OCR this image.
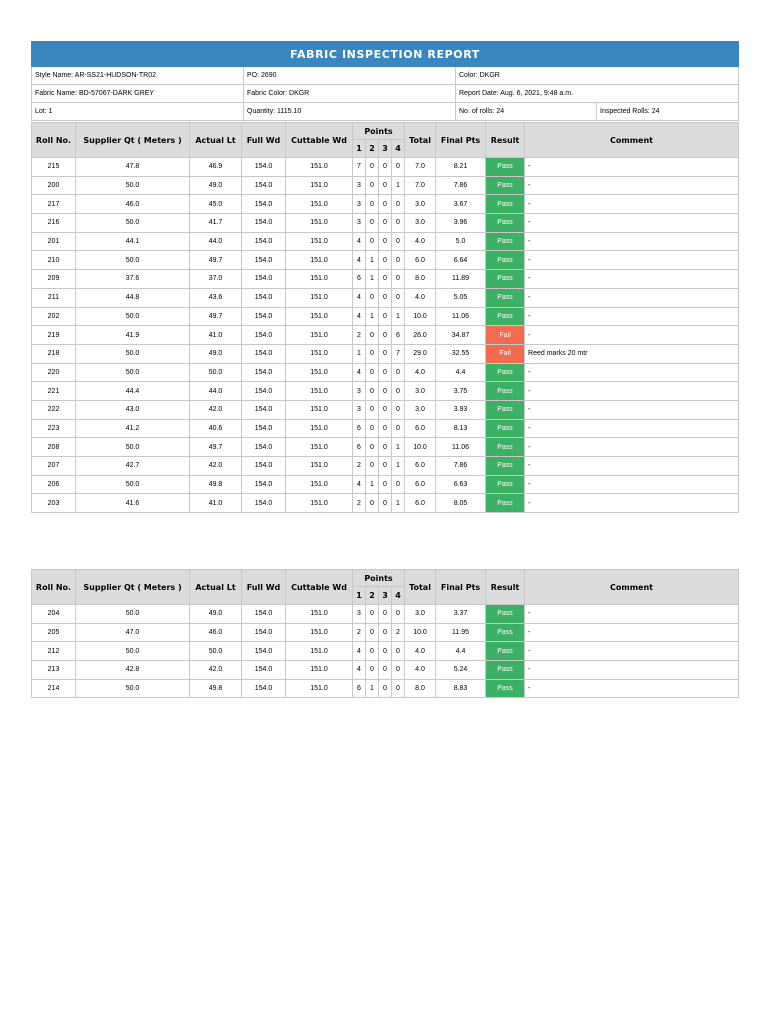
FABRIC INSPECTION REPORT			
Style Name: AR-SS21-HUDSON-TR02	PO: 2690	Color: DKGR	
Fabric Name: BD-57067-DARK GREY	Fabric Color: DKGR	Report Date: Aug. 6, 2021, 9:48 a.m.	
Lot: 1	Quantity: 1115.10	No. of rolls: 24	Inspected Rolls: 24
Roll No.	Supplier Qt ( Meters )	Actual Lt	Full Wd	Cuttable Wd	Points				Total	Final Pts	Result	Comment
					1	2	3	4				
215	47.8	46.9	154.0	151.0	7	0	0	0	7.0	8.21	Pass	-
200	50.0	49.0	154.0	151.0	3	0	0	1	7.0	7.86	Pass	-
217	46.0	45.0	154.0	151.0	3	0	0	0	3.0	3.67	Pass	-
216	50.0	41.7	154.0	151.0	3	0	0	0	3.0	3.96	Pass	-
201	44.1	44.0	154.0	151.0	4	0	0	0	4.0	5.0	Pass	-
210	50.0	49.7	154.0	151.0	4	1	0	0	6.0	6.64	Pass	-
209	37.6	37.0	154.0	151.0	6	1	0	0	8.0	11.89	Pass	-
211	44.8	43.6	154.0	151.0	4	0	0	0	4.0	5.05	Pass	-
202	50.0	49.7	154.0	151.0	4	1	0	1	10.0	11.06	Pass	-
219	41.9	41.0	154.0	151.0	2	0	0	6	26.0	34.87	Fail	-
218	50.0	49.0	154.0	151.0	1	0	0	7	29.0	32.55	Fail	Reed marks 20 mtr
220	50.0	50.0	154.0	151.0	4	0	0	0	4.0	4.4	Pass	-
221	44.4	44.0	154.0	151.0	3	0	0	0	3.0	3.75	Pass	-
222	43.0	42.0	154.0	151.0	3	0	0	0	3.0	3.93	Pass	-
223	41.2	40.6	154.0	151.0	6	0	0	0	6.0	8.13	Pass	-
208	50.0	49.7	154.0	151.0	6	0	0	1	10.0	11.06	Pass	-
207	42.7	42.0	154.0	151.0	2	0	0	1	6.0	7.86	Pass	-
206	50.0	49.8	154.0	151.0	4	1	0	0	6.0	6.63	Pass	-
203	41.6	41.0	154.0	151.0	2	0	0	1	6.0	8.05	Pass	-
Roll No.	Supplier Qt ( Meters )	Actual Lt	Full Wd	Cuttable Wd	Points				Total	Final Pts	Result	Comment
					1	2	3	4				
204	50.0	49.0	154.0	151.0	3	0	0	0	3.0	3.37	Pass	-
205	47.0	46.0	154.0	151.0	2	0	0	2	10.0	11.95	Pass	-
212	50.0	50.0	154.0	151.0	4	0	0	0	4.0	4.4	Pass	-
213	42.8	42.0	154.0	151.0	4	0	0	0	4.0	5.24	Pass	-
214	50.0	49.8	154.0	151.0	6	1	0	0	8.0	8.83	Pass	-
